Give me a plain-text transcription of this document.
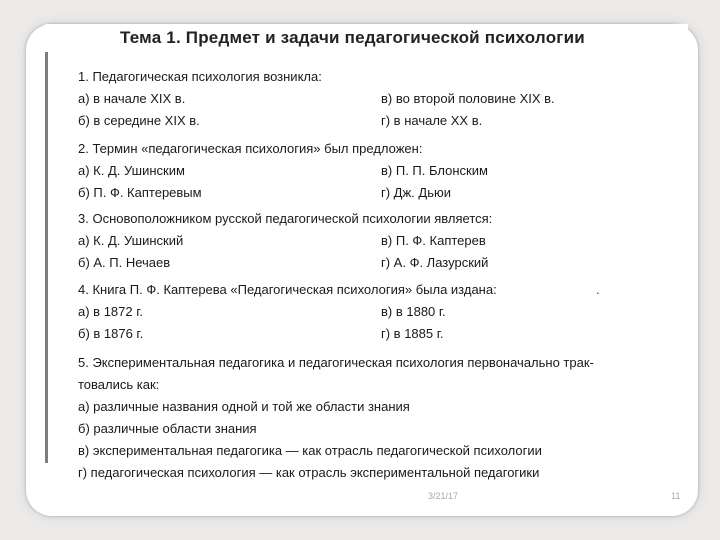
Тема 1. Предмет и задачи педагогической психологии
1. Педагогическая психология возникла:
а) в начале XIX в.	в) во второй половине XIX в.
б) в середине XIX в.	г) в начале XX в.
2. Термин «педагогическая психология» был предложен:
а) К. Д. Ушинским	в) П. П. Блонским
б) П. Ф. Каптеревым	г) Дж. Дьюи
3. Основоположником русской педагогической психологии является:
а) К. Д. Ушинский	в) П. Ф. Каптерев
б) А. П. Нечаев	г) А. Ф. Лазурский
4. Книга П. Ф. Каптерева «Педагогическая психология» была издана:
а) в 1872 г.	в) в 1880 г.
б) в 1876 г.	г) в 1885 г.
.
5. Экспериментальная педагогика и педагогическая психология первоначально трак-
товались как:
а) различные названия одной и той же области знания
б) различные области знания
в) экспериментальная педагогика — как отрасль педагогической психологии
г) педагогическая психология — как отрасль экспериментальной педагогики
3/21/17	11
